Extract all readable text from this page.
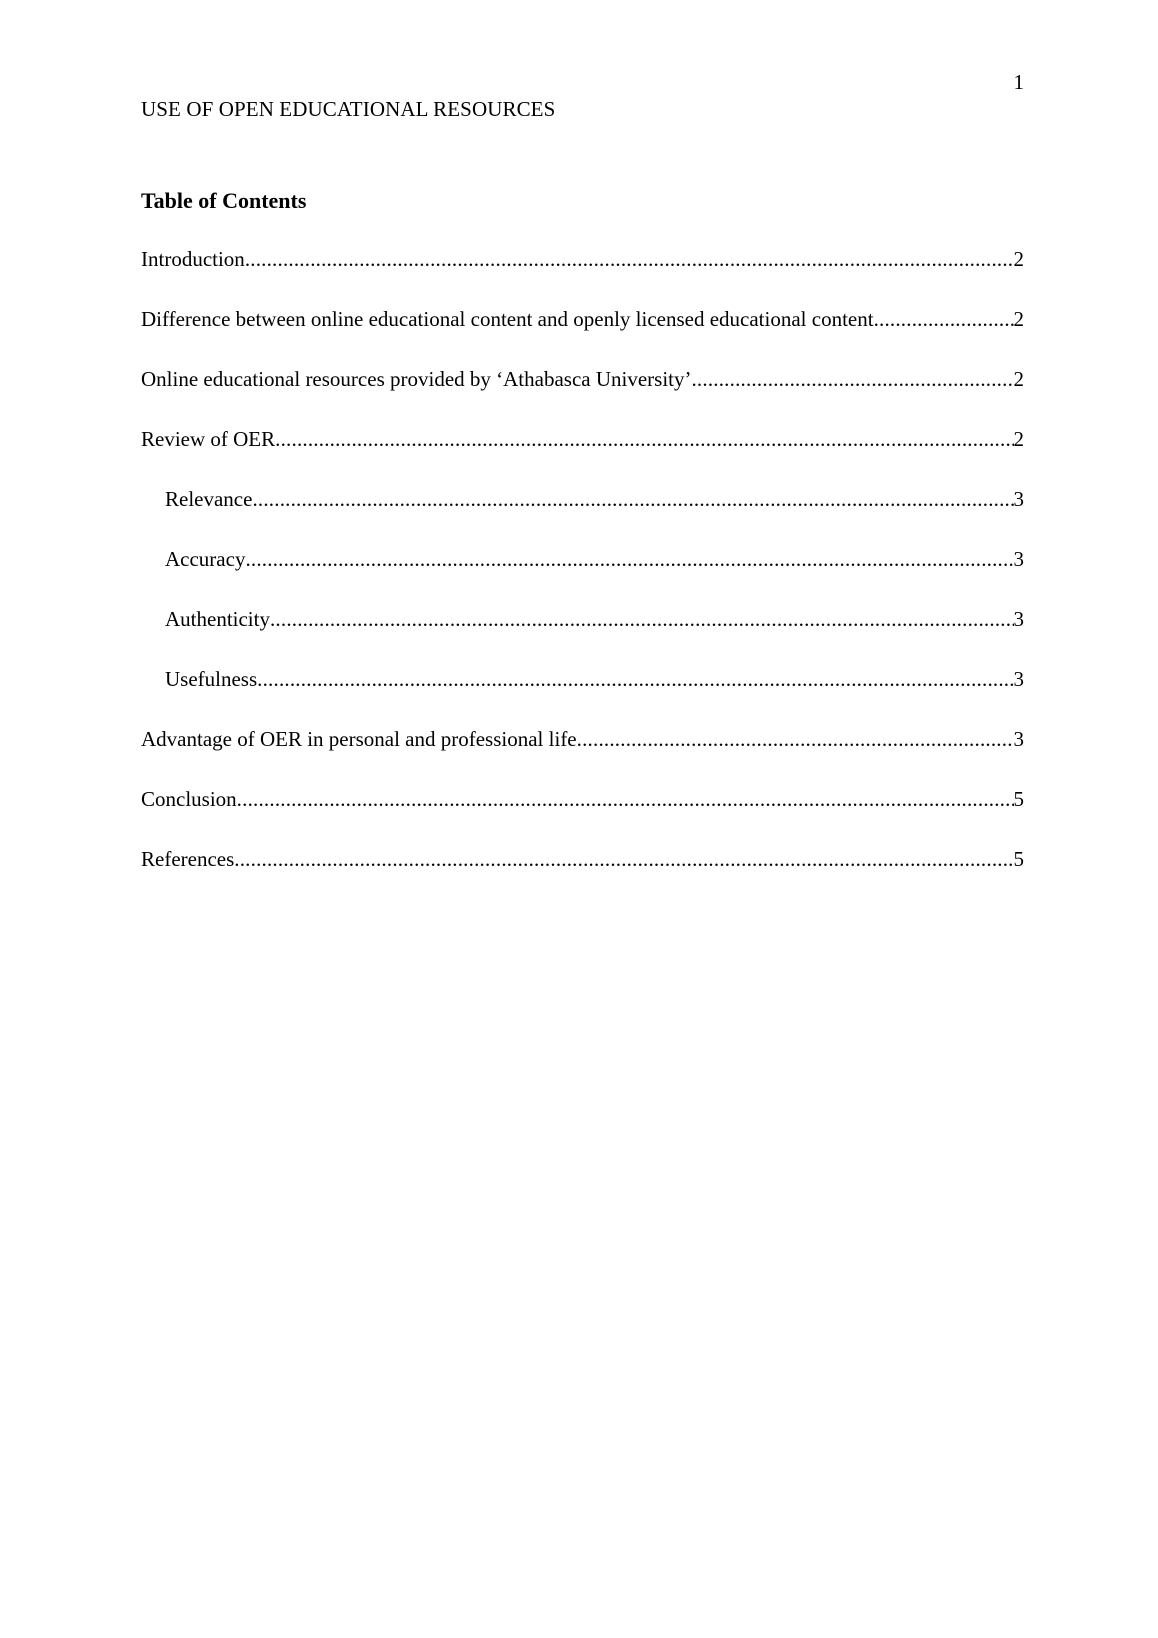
1
USE OF OPEN EDUCATIONAL RESOURCES
Table of Contents
Introduction .....	2
Difference between online educational content and openly licensed educational content .....	2
Online educational resources provided by ‘Athabasca University’ .....	2
Review of OER .....	2
Relevance .....	3
Accuracy .....	3
Authenticity .....	3
Usefulness .....	3
Advantage of OER in personal and professional life .....	3
Conclusion .....	5
References .....	5
